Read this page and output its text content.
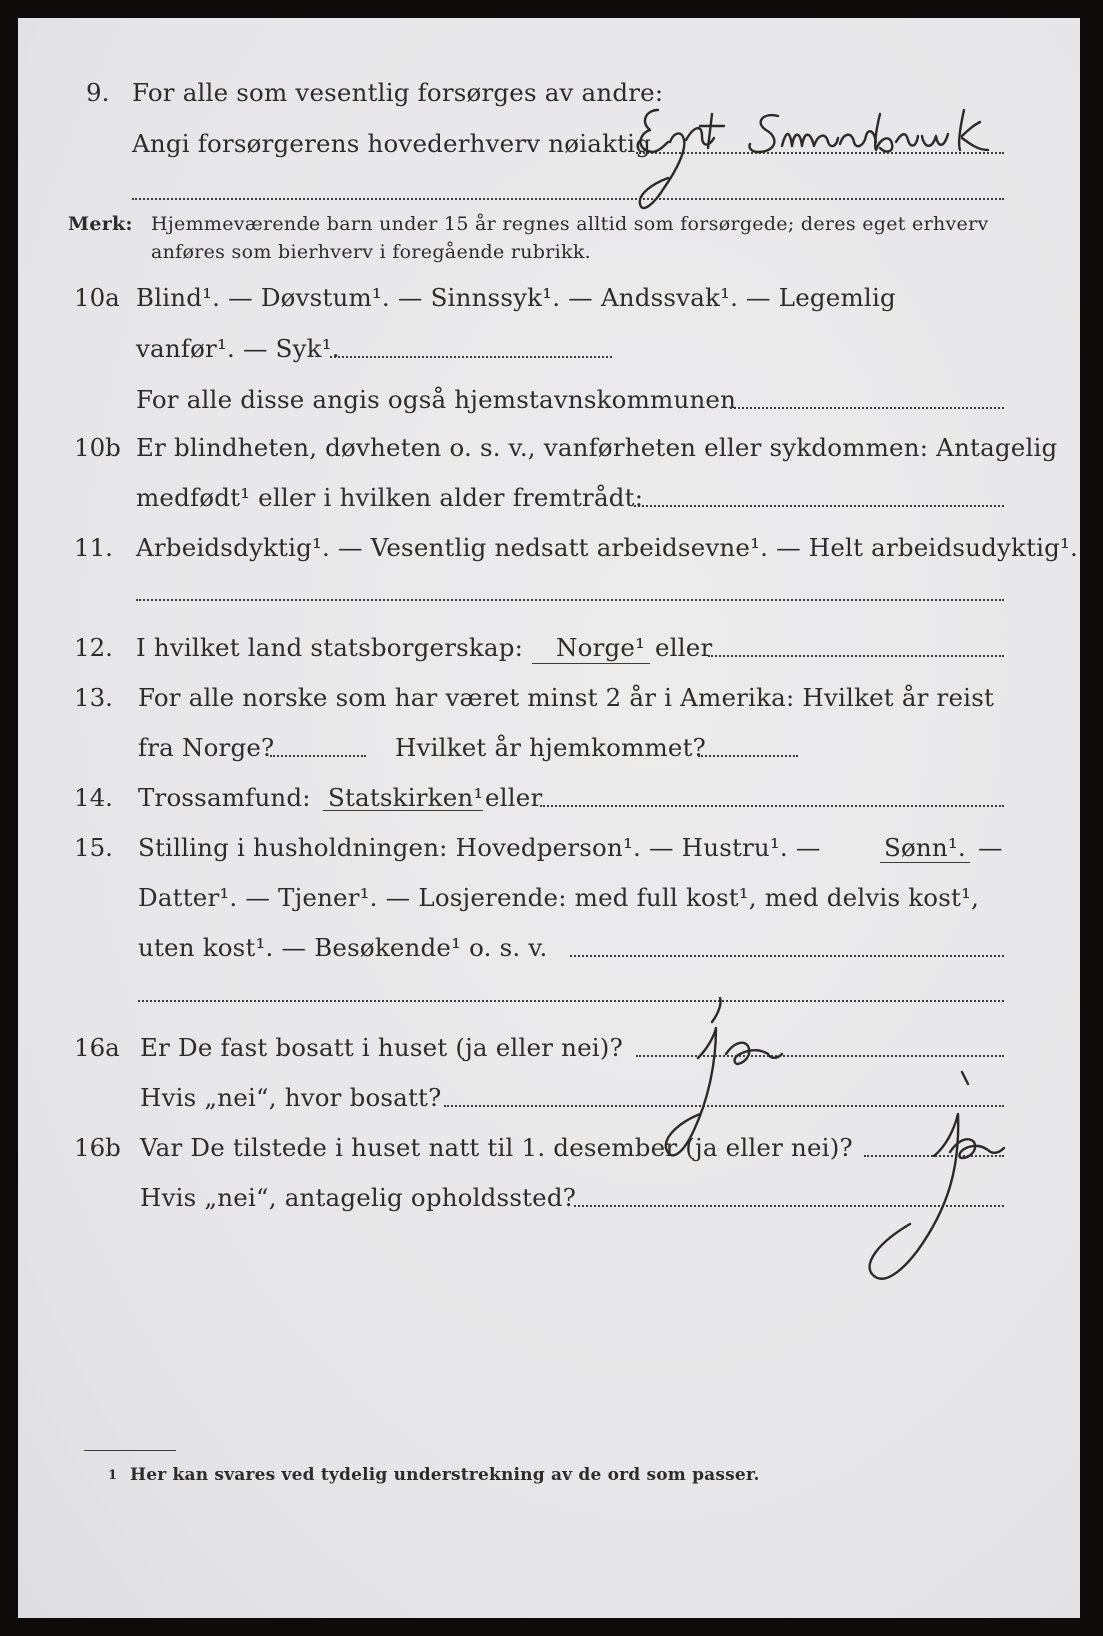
9. For alle som vesentlig forsørges av andre:
Angi forsørgerens hovederhverv nøiaktig
Merk: Hjemmeværende barn under 15 år regnes alltid som forsørgede; deres eget erhverv
anføres som bierhverv i foregående rubrikk.
10a Blind¹. — Døvstum¹. — Sinnssyk¹. — Andssvak¹. — Legemlig
vanfør¹. — Syk¹.
For alle disse angis også hjemstavnskommunen
10b Er blindheten, døvheten o. s. v., vanførheten eller sykdommen: Antagelig
medfødt¹ eller i hvilken alder fremtrådt:
11. Arbeidsdyktig¹. — Vesentlig nedsatt arbeidsevne¹. — Helt arbeidsudyktig¹.
12. I hvilket land statsborgerskap: Norge¹ eller
13. For alle norske som har været minst 2 år i Amerika: Hvilket år reist
fra Norge?	Hvilket år hjemkommet?
14. Trossamfund: Statskirken¹ eller
15. Stilling i husholdningen: Hovedperson¹. — Hustru¹. —	Sønn¹. —
Datter¹. — Tjener¹. — Losjerende: med full kost¹, med delvis kost¹,
uten kost¹. — Besøkende¹ o. s. v.
16a Er De fast bosatt i huset (ja eller nei)?
Hvis „nei“, hvor bosatt?
16b Var De tilstede i huset natt til 1. desember (ja eller nei)?
Hvis „nei“, antagelig opholdssted?
1 Her kan svares ved tydelig understrekning av de ord som passer.
